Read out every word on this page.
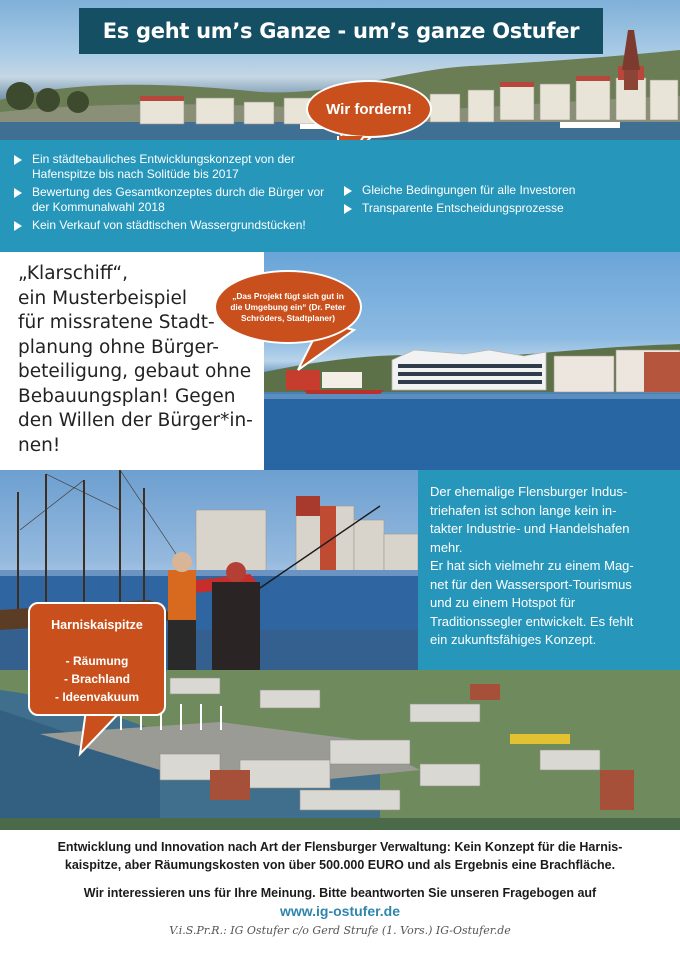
Es geht um’s Ganze - um’s ganze Ostufer
Wir fordern!
Ein städtebauliches Entwicklungskonzept von der Hafenspitze bis nach Solitüde bis 2017
Bewertung des Gesamtkonzeptes durch die Bürger vor der Kommunalwahl 2018
Kein Verkauf von städtischen Wassergrundstücken!
Gleiche Bedingungen für alle Investoren
Transparente Entscheidungsprozesse

„Klarschiff“,
ein Musterbeispiel
für missratene Stadt-
planung ohne Bürger-
beteiligung, gebaut ohne
Bebauungsplan! Gegen
den Willen der Bürger*in-
nen!

„Das Projekt fügt sich gut in die Umgebung ein“ (Dr. Peter Schröders, Stadtplaner)

Der ehemalige Flensburger Indus-
triehafen ist schon lange kein in-
takter Industrie- und Handelshafen
mehr.
Er hat sich vielmehr zu einem Mag-
net für den Wassersport-Tourismus
und zu einem Hotspot für
Traditionssegler entwickelt. Es fehlt
ein zukunftsfähiges Konzept.

Harniskaispitze
- Räumung
- Brachland
- Ideenvakuum
Entwicklung und Innovation nach Art der Flensburger Verwaltung: Kein Konzept für die Harnis-
kaispitze, aber Räumungskosten von über 500.000 EURO und als Ergebnis eine Brachfläche.
Wir interessieren uns für Ihre Meinung. Bitte beantworten Sie unseren Fragebogen auf
www.ig-ostufer.de
V.i.S.Pr.R.: IG Ostufer c/o Gerd Strufe (1. Vors.) IG-Ostufer.de
